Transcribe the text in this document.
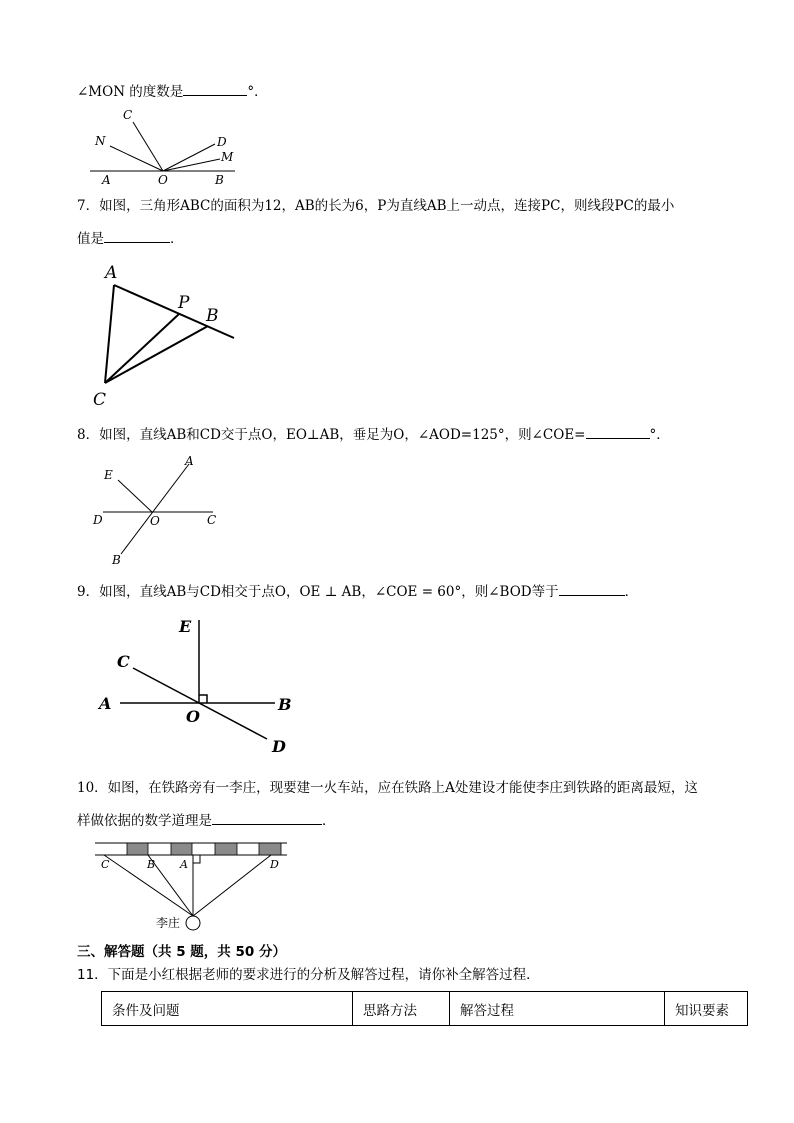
∠MON 的度数是	°．
C
N	D
M
A	O	B
7．如图，三角形ABC的面积为12，AB的长为6，P为直线AB上一动点，连接PC，则线段PC的最小
值是	．
A
P
B
C
8．如图，直线AB和CD交于点O，EO⊥AB，垂足为O，∠AOD=125°，则∠COE=	°．
E
A
D	O	C
B
9．如图，直线AB与CD相交于点O，OE ⊥ AB，∠COE = 60°，则∠BOD等于	．
E
C
A
O
B
D
10．如图，在铁路旁有一李庄，现要建一火车站，应在铁路上A处建设才能使李庄到铁路的距离最短，这
样做依据的数学道理是	．
C	B A	D
李庄
三、解答题（共 5 题，共 50 分）
11．下面是小红根据老师的要求进行的分析及解答过程，请你补全解答过程．
条件及问题	思路方法	解答过程	知识要素
